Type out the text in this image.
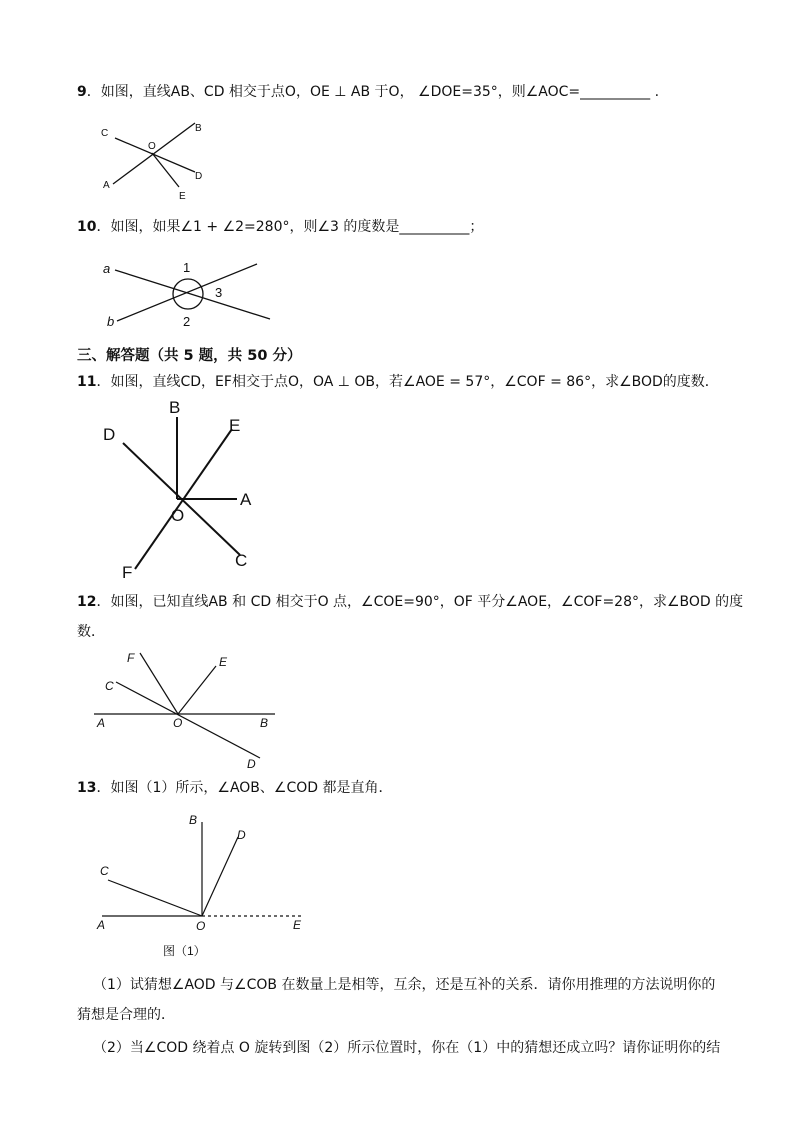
9．如图，直线AB、CD 相交于点O，OE ⊥ AB 于O， ∠DOE=35°，则∠AOC=__________ .
C	B
O
A
D
E
10．如图，如果∠1 + ∠2=280°，则∠3 的度数是__________；
a
b
1
3
2
三、解答题（共 5 题，共 50 分）
11．如图，直线CD，EF相交于点O，OA ⊥ OB，若∠AOE = 57°，∠COF = 86°，求∠BOD的度数．
B
D	E
A
O
C
F
12．如图，已知直线AB 和 CD 相交于O 点，∠COE=90°，OF 平分∠AOE，∠COF=28°，求∠BOD 的度
数．
F	E
C
A	O	B
D
13．如图（1）所示，∠AOB、∠COD 都是直角．
B
D
C
A	O	E
图（1）
（1）试猜想∠AOD 与∠COB 在数量上是相等，互余，还是互补的关系．请你用推理的方法说明你的
猜想是合理的．
（2）当∠COD 绕着点 O 旋转到图（2）所示位置时，你在（1）中的猜想还成立吗？请你证明你的结
